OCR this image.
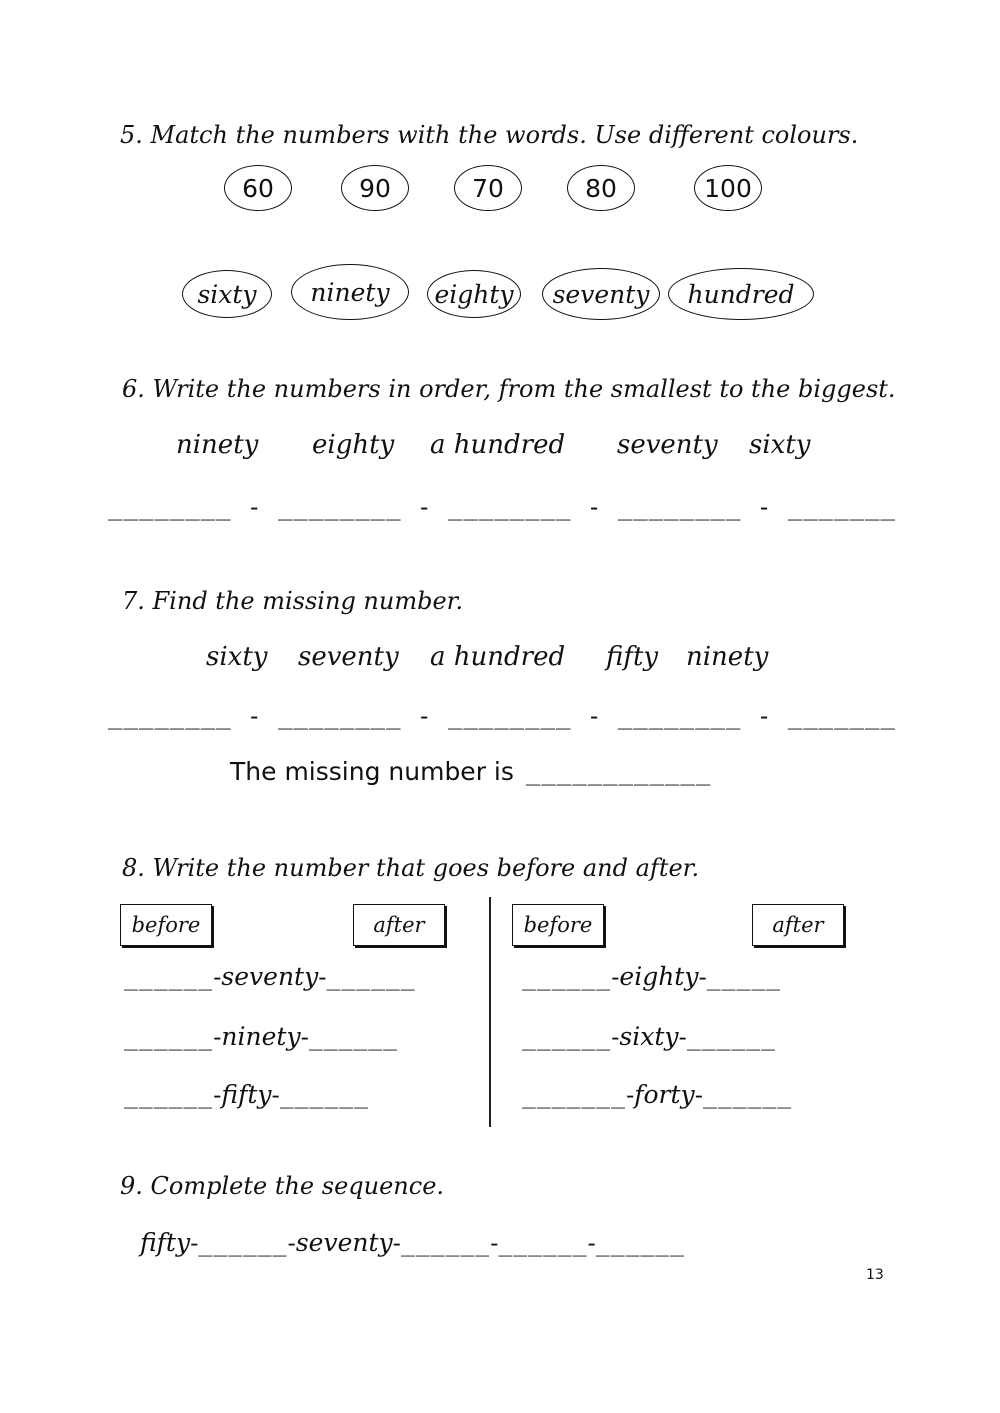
5. Match the numbers with the words. Use different colours.
60	90	70	80	100
sixty	ninety	eighty	seventy	hundred
6. Write the numbers in order, from the smallest to the biggest.
ninety eighty a hundred seventy sixty
________ - ________ - ________ - ________ - _______
7. Find the missing number.
sixty seventy a hundred fifty ninety
________ - ________ - ________ - ________ - _______
The missing number is ____________
8. Write the number that goes before and after.
before	after	before	after
______ - seventy - ______
______ - ninety - ______
______ - fifty - ______
______ - eighty - _____
______ - sixty - ______
_______ - forty - ______
9. Complete the sequence.
fifty - ______ - seventy - ______ - ______ - ______
13
